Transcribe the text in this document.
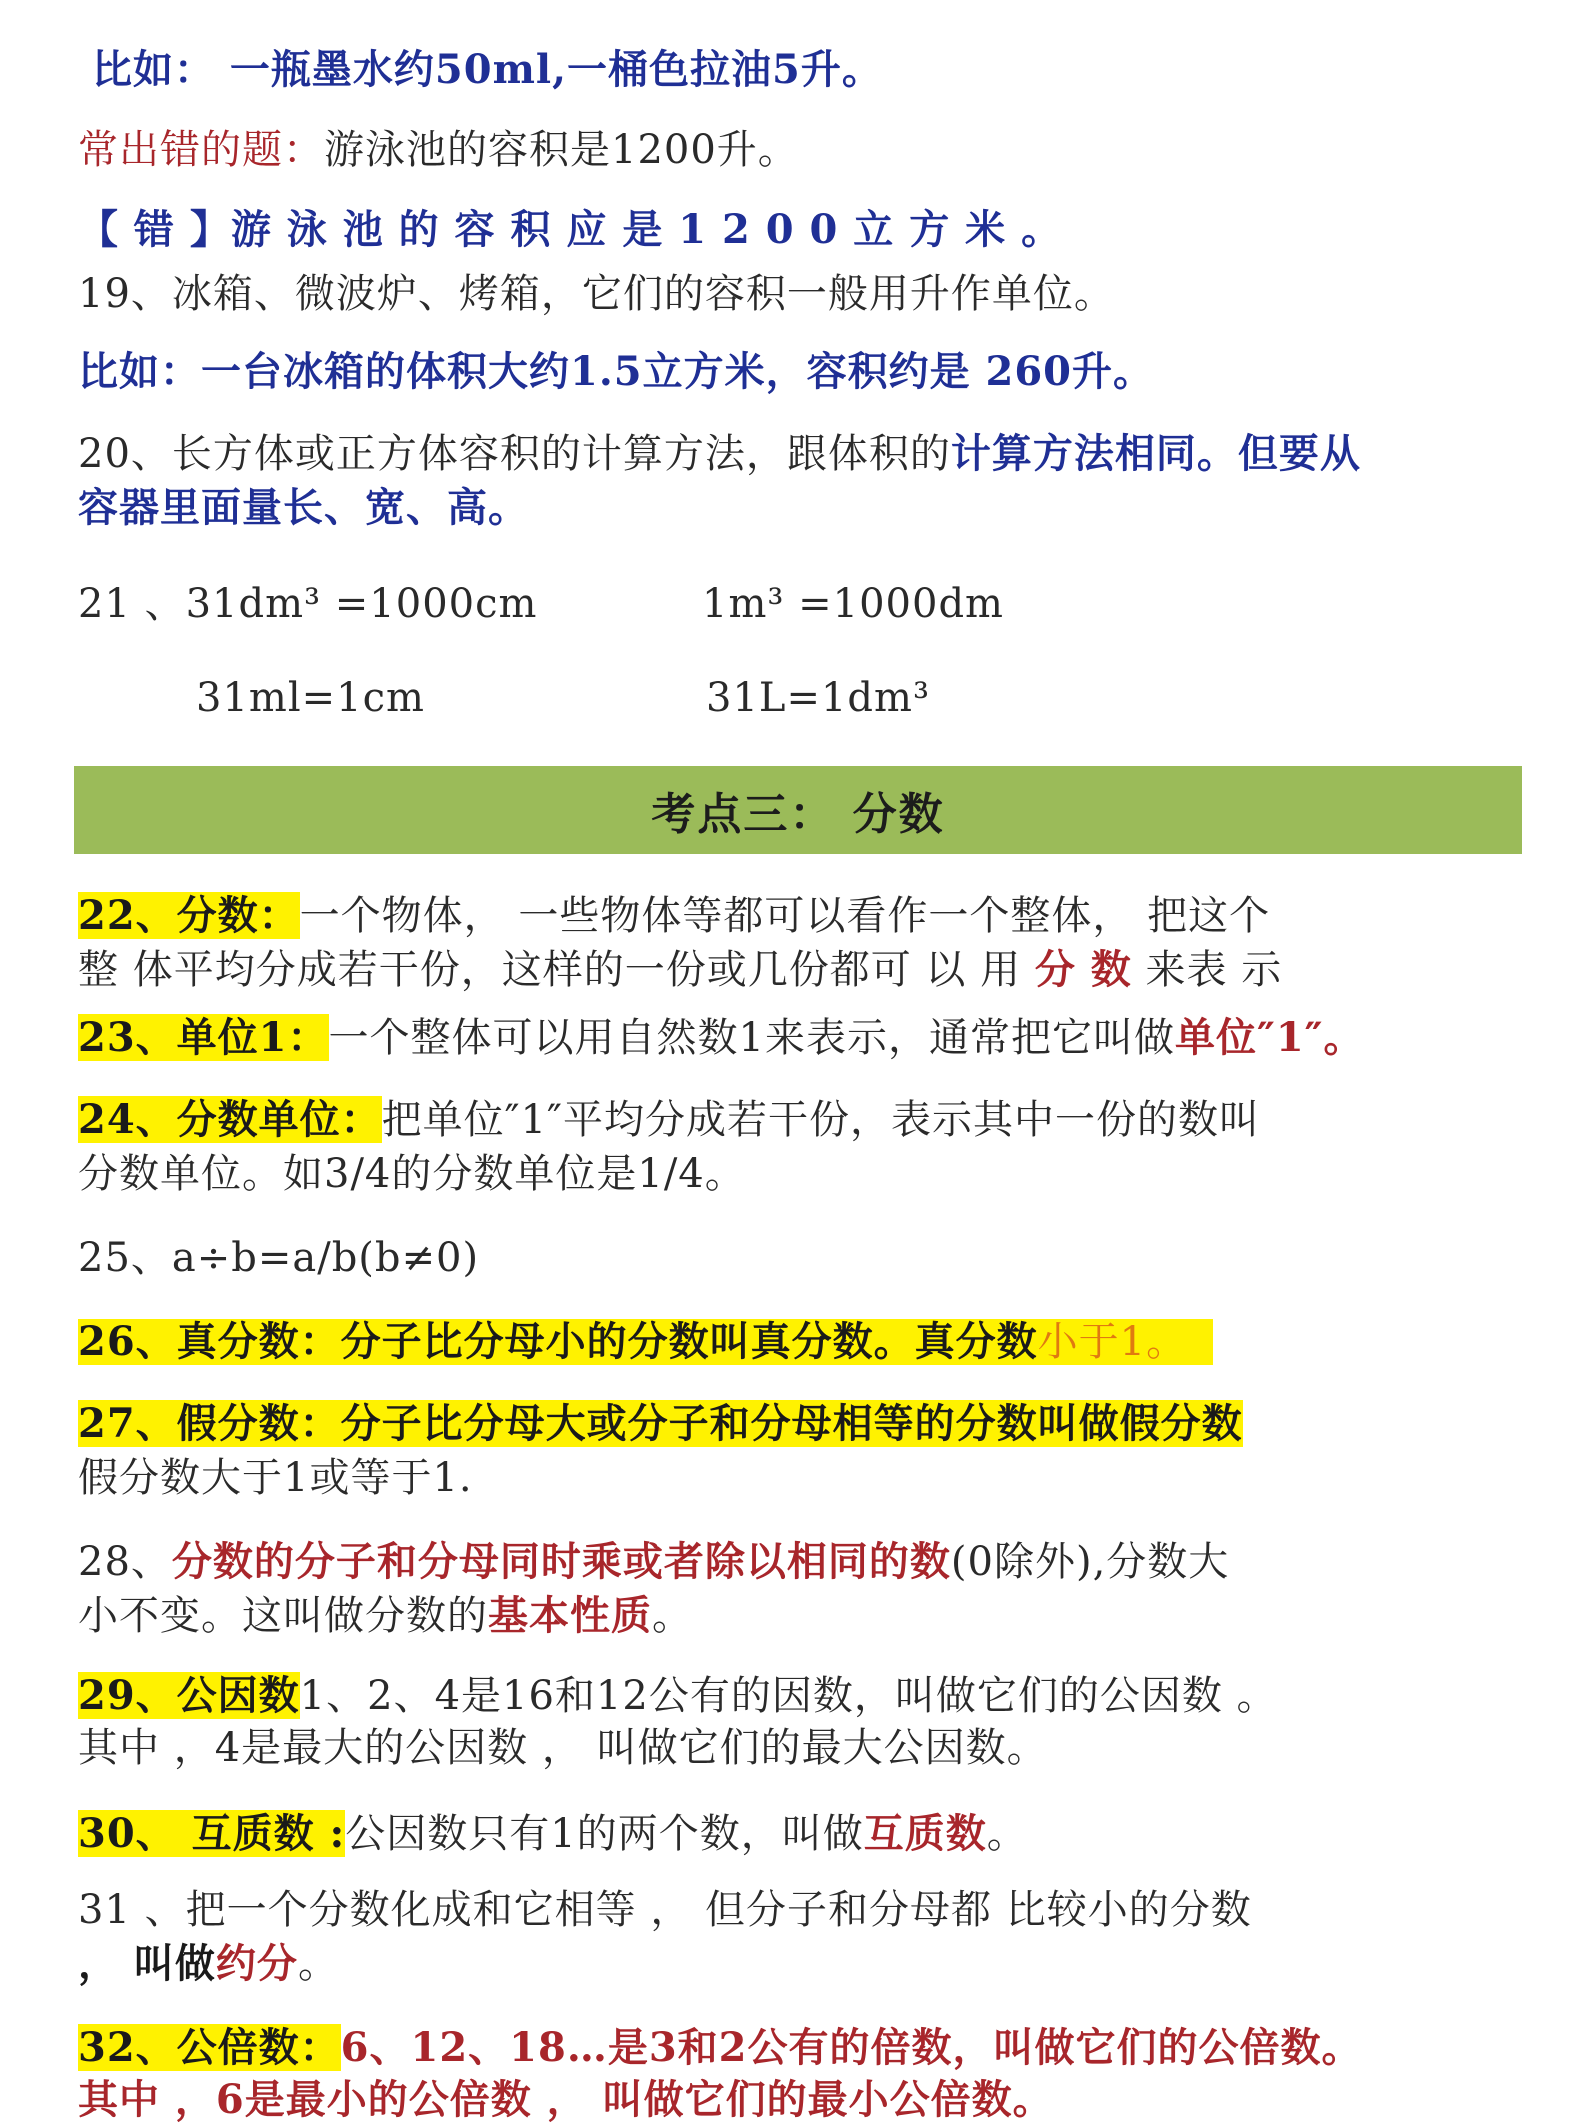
比如： 一瓶墨水约50ml,一桶色拉油5升。
常出错的题：游泳池的容积是1200升。
【 错 】游 泳 池 的 容 积 应 是 1 2 0 0 立 方 米 。
19、冰箱、微波炉、烤箱，它们的容积一般用升作单位。
比如：一台冰箱的体积大约1.5立方米，容积约是 260升。
20、长方体或正方体容积的计算方法，跟体积的计算方法相同。但要从
容器里面量长、宽、高。
21 、31dm³ =1000cm	1m³ =1000dm
31ml=1cm	31L=1dm³
考点三： 分数
22、分数：一个物体， 一些物体等都可以看作一个整体， 把这个
整 体平均分成若干份，这样的一份或几份都可 以 用 分 数 来表 示
23、单位1：一个整体可以用自然数1来表示，通常把它叫做单位″1″。
24、分数单位：把单位″1″平均分成若干份，表示其中一份的数叫
分数单位。如3/4的分数单位是1/4。
25、a÷b=a/b(b≠0)
26、真分数：分子比分母小的分数叫真分数。真分数小于1。
27、假分数：分子比分母大或分子和分母相等的分数叫做假分数
假分数大于1或等于1.
28、分数的分子和分母同时乘或者除以相同的数(0除外),分数大
小不变。这叫做分数的基本性质。
29、公因数1、2、4是16和12公有的因数，叫做它们的公因数 。
其中 ，4是最大的公因数 ， 叫做它们的最大公因数。
30、 互质数 :公因数只有1的两个数，叫做互质数。
31 、把一个分数化成和它相等 ， 但分子和分母都 比较小的分数
， 叫做约分。
32、公倍数：6、12、18…是3和2公有的倍数，叫做它们的公倍数。
其中 ，6是最小的公倍数 ， 叫做它们的最小公倍数。
